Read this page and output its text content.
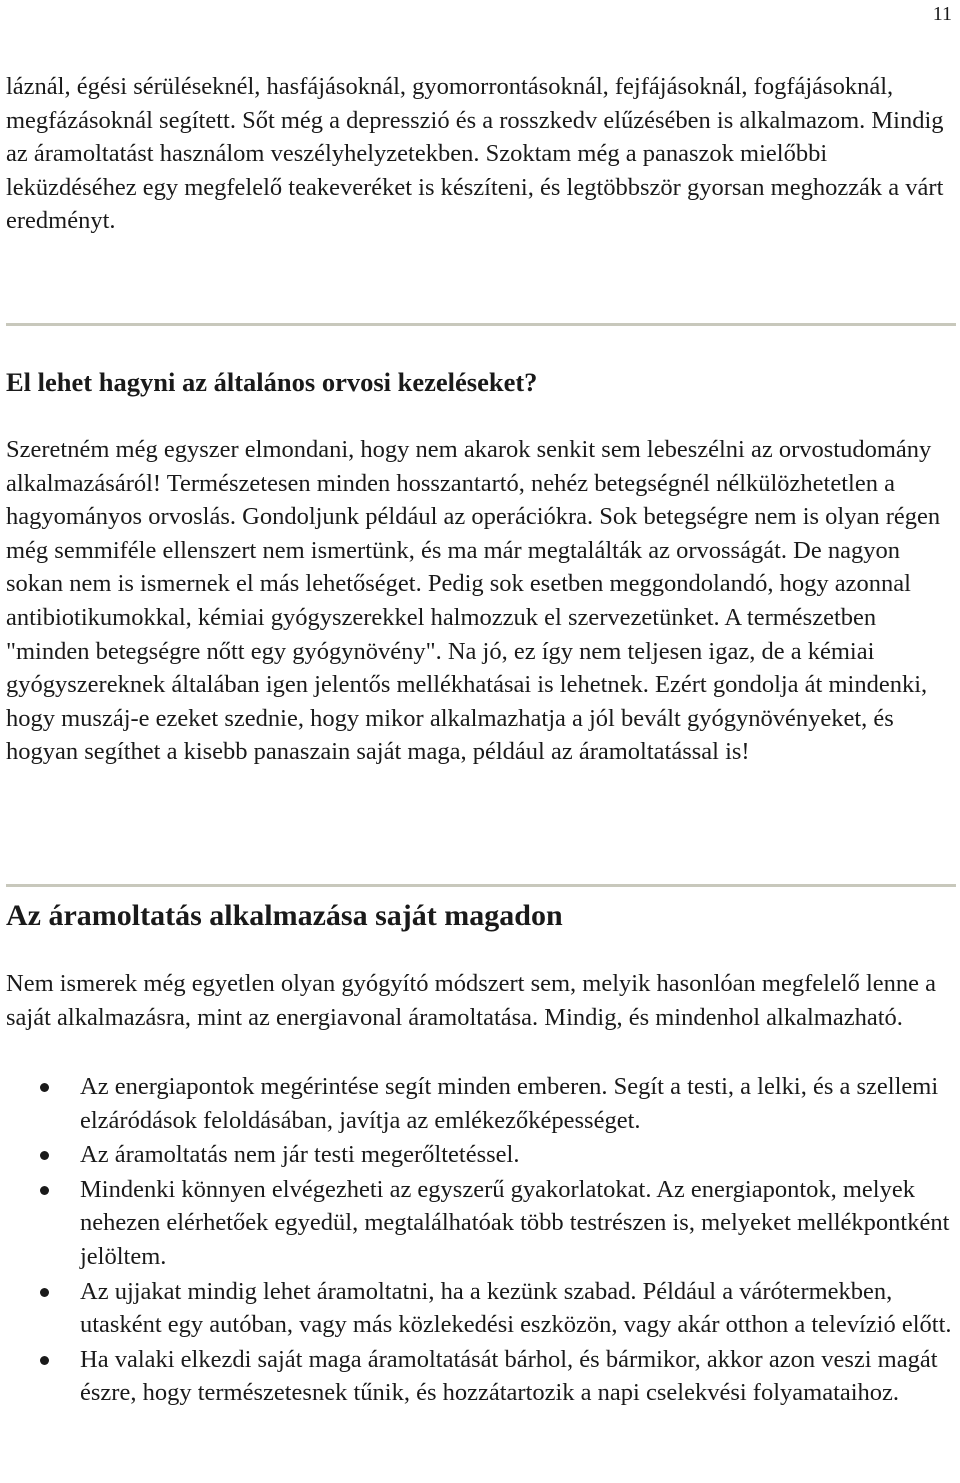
11

láznál, égési sérüléseknél, hasfájásoknál, gyomorrontásoknál, fejfájásoknál, fogfájásoknál, megfázásoknál segített. Sőt még a depresszió és a rosszkedv elűzésében is alkalmazom. Mindig az áramoltatást használom veszélyhelyzetekben. Szoktam még a panaszok mielőbbi leküzdéséhez egy megfelelő teakeveréket is készíteni, és legtöbbször gyorsan meghozzák a várt eredményt.

El lehet hagyni az általános orvosi kezeléseket?

Szeretném még egyszer elmondani, hogy nem akarok senkit sem lebeszélni az orvostudomány alkalmazásáról! Természetesen minden hosszantartó, nehéz betegségnél nélkülözhetetlen a hagyományos orvoslás. Gondoljunk például az operációkra. Sok betegségre nem is olyan régen még semmiféle ellenszert nem ismertünk, és ma már megtalálták az orvosságát. De nagyon sokan nem is ismernek el más lehetőséget. Pedig sok esetben meggondolandó, hogy azonnal antibiotikumokkal, kémiai gyógyszerekkel halmozzuk el szervezetünket. A természetben "minden betegségre nőtt egy gyógynövény". Na jó, ez így nem teljesen igaz, de a kémiai gyógyszereknek általában igen jelentős mellékhatásai is lehetnek. Ezért gondolja át mindenki, hogy muszáj-e ezeket szednie, hogy mikor alkalmazhatja a jól bevált gyógynövényeket, és hogyan segíthet a kisebb panaszain saját maga, például az áramoltatással is!

Az áramoltatás alkalmazása saját magadon

Nem ismerek még egyetlen olyan gyógyító módszert sem, melyik hasonlóan megfelelő lenne a saját alkalmazásra, mint az energiavonal áramoltatása. Mindig, és mindenhol alkalmazható.

Az energiapontok megérintése segít minden emberen. Segít a testi, a lelki, és a szellemi elzáródások feloldásában, javítja az emlékezőképességet.
Az áramoltatás nem jár testi megerőltetéssel.
Mindenki könnyen elvégezheti az egyszerű gyakorlatokat. Az energiapontok, melyek nehezen elérhetőek egyedül, megtalálhatóak több testrészen is, melyeket mellékpontként jelöltem.
Az ujjakat mindig lehet áramoltatni, ha a kezünk szabad. Például a várótermekben, utasként egy autóban, vagy más közlekedési eszközön, vagy akár otthon a televízió előtt.
Ha valaki elkezdi saját maga áramoltatását bárhol, és bármikor, akkor azon veszi magát észre, hogy természetesnek tűnik, és hozzátartozik a napi cselekvési folyamataihoz.
